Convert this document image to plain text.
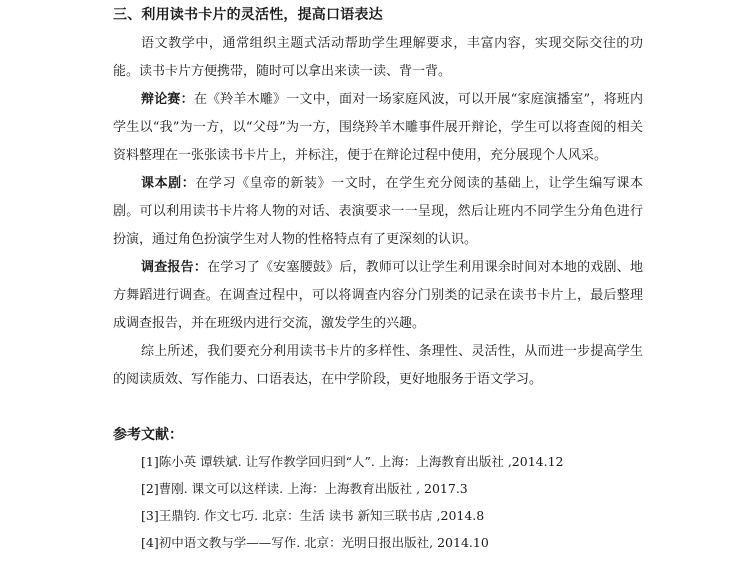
三、利用读书卡片的灵活性，提高口语表达

语文教学中，通常组织主题式活动帮助学生理解要求，丰富内容，实现交际交往的功能。读书卡片方便携带，随时可以拿出来读一读、背一背。

辩论赛：在《羚羊木雕》一文中，面对一场家庭风波，可以开展“家庭演播室”，将班内学生以“我”为一方，以“父母”为一方，围绕羚羊木雕事件展开辩论，学生可以将查阅的相关资料整理在一张张读书卡片上，并标注，便于在辩论过程中使用，充分展现个人风采。

课本剧：在学习《皇帝的新装》一文时，在学生充分阅读的基础上，让学生编写课本剧。可以利用读书卡片将人物的对话、表演要求一一呈现，然后让班内不同学生分角色进行扮演，通过角色扮演学生对人物的性格特点有了更深刻的认识。

调查报告：在学习了《安塞腰鼓》后，教师可以让学生利用课余时间对本地的戏剧、地方舞蹈进行调查。在调查过程中，可以将调查内容分门别类的记录在读书卡片上，最后整理成调查报告，并在班级内进行交流，激发学生的兴趣。

综上所述，我们要充分利用读书卡片的多样性、条理性、灵活性，从而进一步提高学生的阅读质效、写作能力、口语表达，在中学阶段，更好地服务于语文学习。

参考文献：
[1]陈小英 谭轶斌. 让写作教学回归到“人”. 上海：上海教育出版社 ,2014.12
[2]曹刚. 课文可以这样读. 上海：上海教育出版社 , 2017.3
[3]王鼎钧. 作文七巧. 北京：生活 读书 新知三联书店 ,2014.8
[4]初中语文教与学——写作. 北京：光明日报出版社, 2014.10
